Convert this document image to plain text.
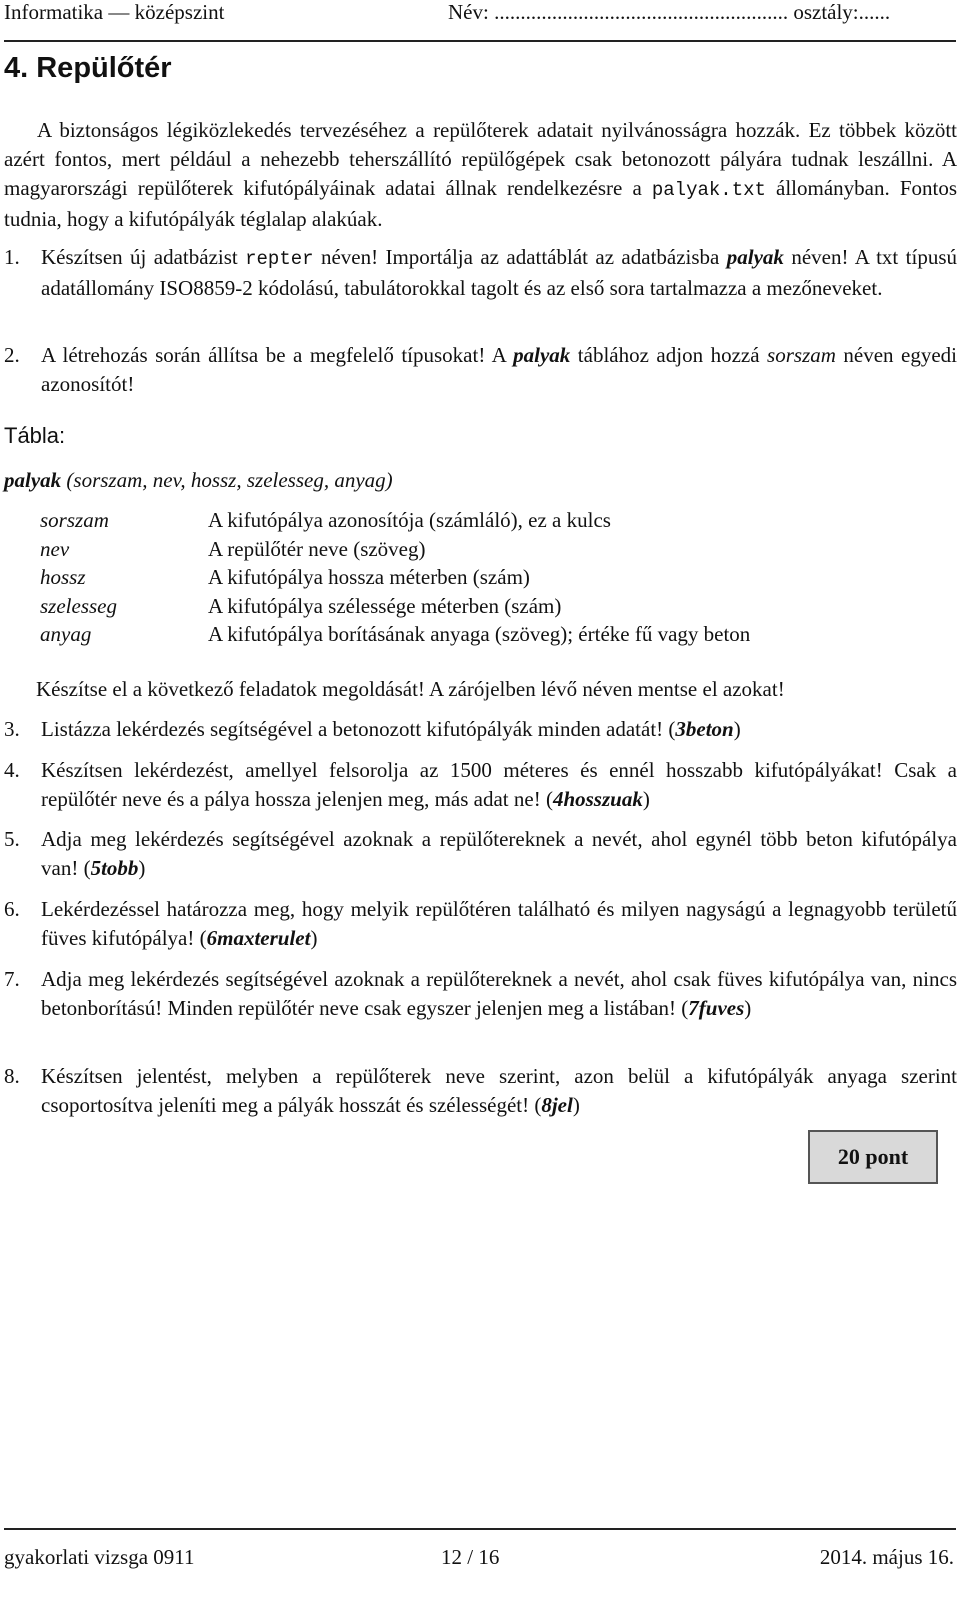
Informatika — középszint	Név: ........................................................ osztály:......
4. Repülőtér

A biztonságos légiközlekedés tervezéséhez a repülőterek adatait nyilvánosságra hozzák. Ez többek között azért fontos, mert például a nehezebb teherszállító repülőgépek csak betonozott pályára tudnak leszállni. A magyarországi repülőterek kifutópályáinak adatai állnak rendelkezésre a palyak.txt állományban. Fontos tudnia, hogy a kifutópályák téglalap alakúak.

1. Készítsen új adatbázist repter néven! Importálja az adattáblát az adatbázisba palyak néven! A txt típusú adatállomány ISO8859-2 kódolású, tabulátorokkal tagolt és az első sora tartalmazza a mezőneveket.
2. A létrehozás során állítsa be a megfelelő típusokat! A palyak táblához adjon hozzá sorszam néven egyedi azonosítót!
Tábla:

palyak (sorszam, nev, hossz, szelesseg, anyag)

sorszam	A kifutópálya azonosítója (számláló), ez a kulcs
nev	A repülőtér neve (szöveg)
hossz	A kifutópálya hossza méterben (szám)
szelesseg	A kifutópálya szélessége méterben (szám)
anyag	A kifutópálya borításának anyaga (szöveg); értéke fű vagy beton

Készítse el a következő feladatok megoldását! A zárójelben lévő néven mentse el azokat!

3. Listázza lekérdezés segítségével a betonozott kifutópályák minden adatát! (3beton)
4. Készítsen lekérdezést, amellyel felsorolja az 1500 méteres és ennél hosszabb kifutópályákat! Csak a repülőtér neve és a pálya hossza jelenjen meg, más adat ne! (4hosszuak)
5. Adja meg lekérdezés segítségével azoknak a repülőtereknek a nevét, ahol egynél több beton kifutópálya van! (5tobb)
6. Lekérdezéssel határozza meg, hogy melyik repülőtéren található és milyen nagyságú a legnagyobb területű füves kifutópálya! (6maxterulet)
7. Adja meg lekérdezés segítségével azoknak a repülőtereknek a nevét, ahol csak füves kifutópálya van, nincs betonborítású! Minden repülőtér neve csak egyszer jelenjen meg a listában! (7fuves)
8. Készítsen jelentést, melyben a repülőterek neve szerint, azon belül a kifutópályák anyaga szerint csoportosítva jeleníti meg a pályák hosszát és szélességét! (8jel)
20 pont
gyakorlati vizsga 0911	12 / 16	2014. május 16.
